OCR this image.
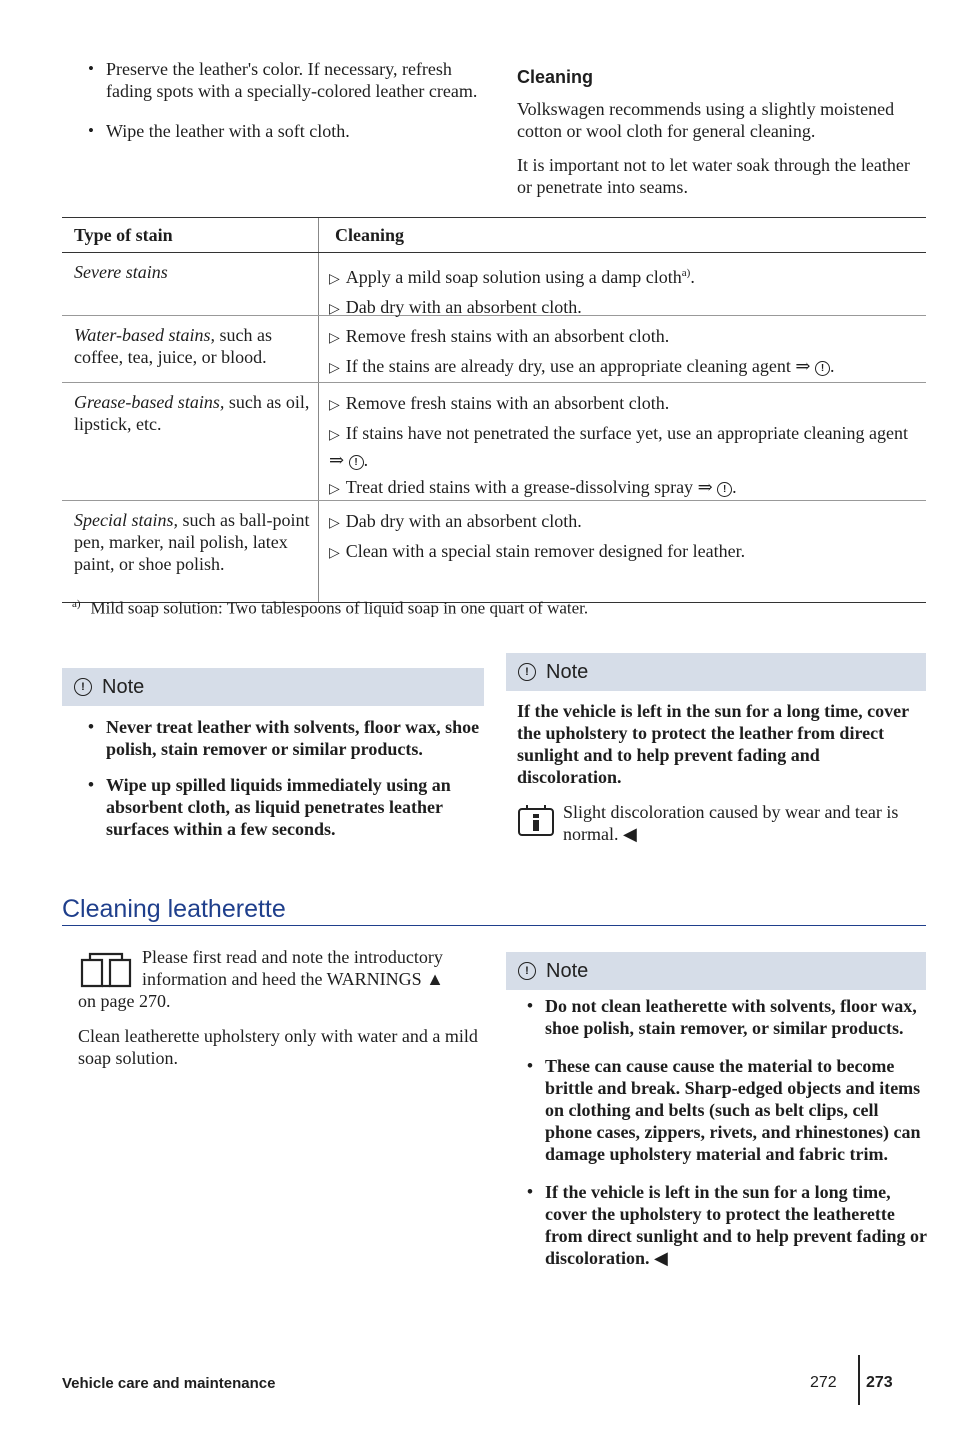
• Preserve the leather's color. If necessary, refresh fading spots with a specially-colored leather cream.

• Wipe the leather with a soft cloth.

Cleaning

Volkswagen recommends using a slightly moistened cotton or wool cloth for general cleaning.

It is important not to let water soak through the leather or penetrate into seams.

Type of stain	Cleaning
Severe stains	▷ Apply a mild soap solution using a damp cloth$^{a)}$.
▷ Dab dry with an absorbent cloth.
Water-based stains, such as coffee, tea, juice, or blood.
▷ Remove fresh stains with an absorbent cloth.
▷ If the stains are already dry, use an appropriate cleaning agent ⇒ ! .
Grease-based stains, such as oil, lipstick, etc.
▷ Remove fresh stains with an absorbent cloth.
▷ If stains have not penetrated the surface yet, use an appropriate cleaning agent ⇒ ! .
▷ Treat dried stains with a grease-dissolving spray ⇒ ! .
Special stains, such as ball-point pen, marker, nail polish, latex paint, or shoe polish.
▷ Dab dry with an absorbent cloth.
▷ Clean with a special stain remover designed for leather.
$^{a)}$ Mild soap solution: Two tablespoons of liquid soap in one quart of water.
! Note

• Never treat leather with solvents, floor wax, shoe polish, stain remover or similar products.

• Wipe up spilled liquids immediately using an absorbent cloth, as liquid penetrates leather surfaces within a few seconds.

! Note
If the vehicle is left in the sun for a long time, cover the upholstery to protect the leather from direct sunlight and to help prevent fading and discoloration.
Slight discoloration caused by wear and tear is normal. ◀
Cleaning leatherette
Please first read and note the introductory information and heed the WARNINGS ▲
on page 270.
Clean leatherette upholstery only with water and a mild soap solution.
! Note

• Do not clean leatherette with solvents, floor wax, shoe polish, stain remover, or similar products.

• These can cause cause the material to become brittle and break. Sharp-edged objects and items on clothing and belts (such as belt clips, cell phone cases, zippers, rivets, and rhinestones) can damage upholstery material and fabric trim.

• If the vehicle is left in the sun for a long time, cover the upholstery to protect the leatherette from direct sunlight and to help prevent fading or discoloration. ◀

Vehicle care and maintenance	272 273
